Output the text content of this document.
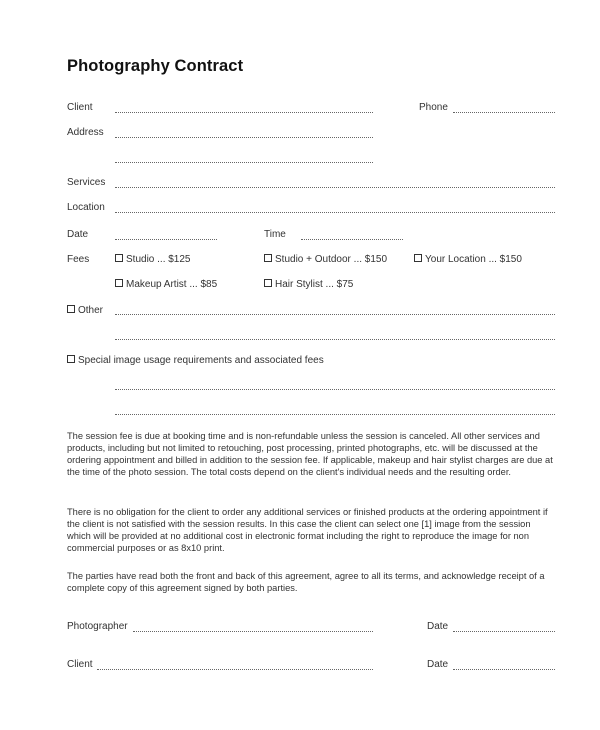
Photography Contract
Client	Phone
Address
Services
Location
Date	Time
Fees	Studio ... $125	Studio + Outdoor ... $150	Your Location ... $150
Makeup Artist ... $85	Hair Stylist ... $75
Other
Special image usage requirements and associated fees
The session fee is due at booking time and is non-refundable unless the session is canceled. All other services and products, including but not limited to retouching, post processing, printed photographs, etc. will be discussed at the ordering appointment and billed in addition to the session fee. If applicable, makeup and hair stylist charges are due at the time of the photo session. The total costs depend on the client's individual needs and the resulting order.
There is no obligation for the client to order any additional services or finished products at the ordering appointment if the client is not satisfied with the session results. In this case the client can select one [1] image from the session which will be provided at no additional cost in electronic format including the right to reproduce the image for non commercial purposes or as 8x10 print.
The parties have read both the front and back of this agreement, agree to all its terms, and acknowledge receipt of a complete copy of this agreement signed by both parties.
Photographer	Date
Client	Date
